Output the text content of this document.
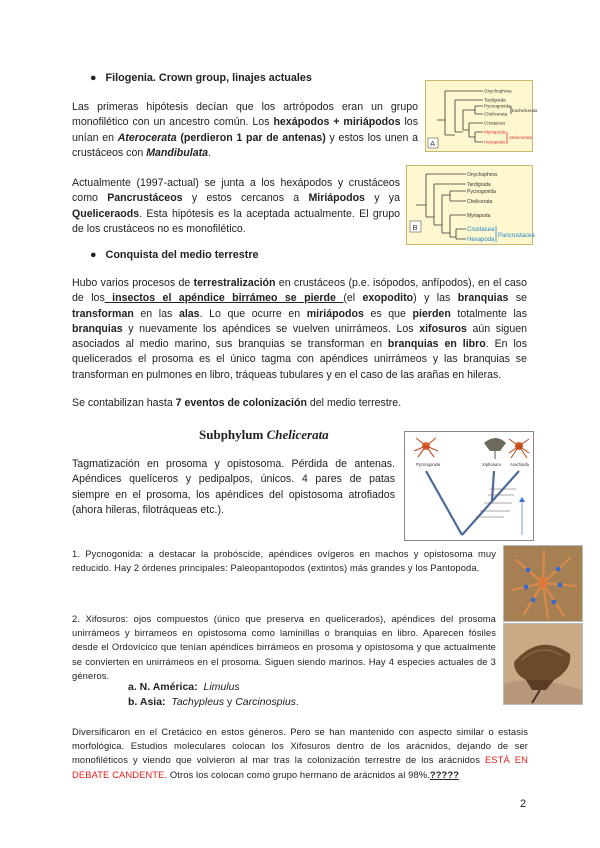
● Filogenia. Crown group, linajes actuales
Las primeras hipótesis decían que los artrópodos eran un grupo monofilético con un ancestro común. Los hexápodos + miriápodos los unían en Aterocerata (perdieron 1 par de antenas) y estos los unen a crustáceos con Mandibulata.
Actualmente (1997-actual) se junta a los hexápodos y crustáceos como Pancrustáceos y estos cercanos a Miriápodos y ya Queliceraods. Esta hipótesis es la aceptada actualmente. El grupo de los crustáceos no es monofilético.
Onychophora
Tardigrada
Pycnogonida
Chelicerata
Crustacea
Myriapoda
Hexapoda
Euchelicerata
Atelocerata
A
Onychophora
Tardigrada
Pycnogonida
Chelicerata
Myriapoda
Crustacea
Hexapoda
Pancrustacea
B
● Conquista del medio terrestre
Hubo varios procesos de terrestralización en crustáceos (p.e. isópodos, anfípodos), en el caso de los insectos el apéndice birrámeo se pierde (el exopodito) y las branquias se transforman en las alas. Lo que ocurre en miriápodos es que pierden totalmente las branquias y nuevamente los apéndices se vuelven unirrámeos. Los xifosuros aún siguen asociados al medio marino, sus branquias se transforman en branquias en libro. En los quelicerados el prosoma es el único tagma con apéndices unirrámeos y las branquias se transforman en pulmones en libro, tráqueas tubulares y en el caso de las arañas en hileras.
Se contabilizan hasta 7 eventos de colonización del medio terrestre.
Subphylum Chelicerata
Tagmatización en prosoma y opistosoma. Pérdida de antenas. Apéndices quelíceros y pedipalpos, únicos. 4 pares de patas siempre en el prosoma, los apéndices del opistosoma atrofiados (ahora hileras, filotráqueas etc.).
Pycnogonida	Xiphosura Arachnida
1. Pycnogonida: a destacar la probóscide, apéndices ovígeros en machos y opistosoma muy reducido. Hay 2 órdenes principales: Paleopantopodos (extintos) más grandes y los Pantopoda.
2. Xifosuros: ojos compuestos (único que preserva en quelicerados), apéndices del prosoma unirrámeos y birrameos en opistosoma como laminillas o branquias en libro. Aparecen fósiles desde el Ordovícico que tenían apéndices birrámeos en prosoma y opistosoma y que actualmente se convierten en unirrámeos en el prosoma. Siguen siendo marinos. Hay 4 especies actuales de 3 géneros.
a. N. América: Limulus
b. Asia: Tachypleus y Carcinospius.
Diversificaron en el Cretácico en estos géneros. Pero se han mantenido con aspecto similar o estasis morfológica. Estudios moleculares colocan los Xifosuros dentro de los arácnidos, dejando de ser monofiléticos y viendo que volvieron al mar tras la colonización terrestre de los arácnidos ESTÁ EN DEBATE CANDENTE. Otros los colocan como grupo hermano de arácnidos al 98%.?????
2
